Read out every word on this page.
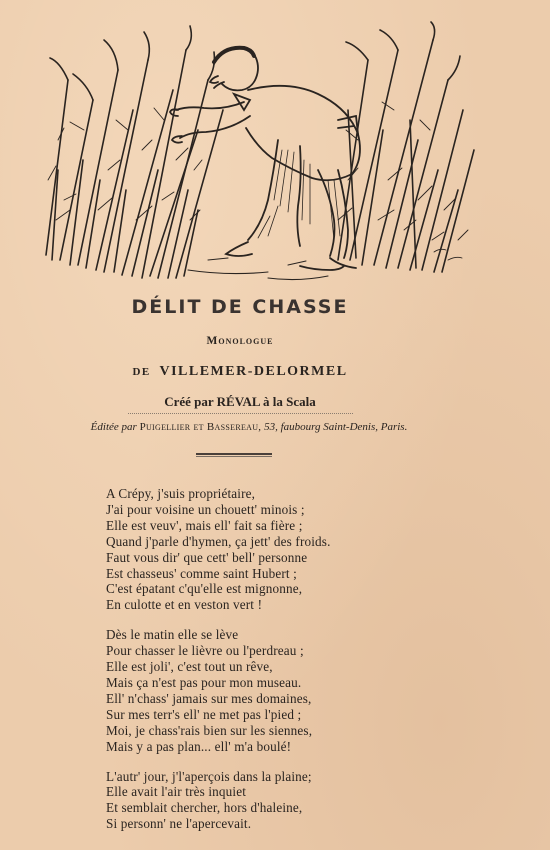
DÉLIT DE CHASSE
Monologue
DE VILLEMER-DELORMEL
Créé par RÉVAL à la Scala
Éditée par Puigellier et Bassereau, 53, faubourg Saint-Denis, Paris.
A Crépy, j'suis propriétaire,
J'ai pour voisine un chouett' minois ;
Elle est veuv', mais ell' fait sa fière ;
Quand j'parle d'hymen, ça jett' des froids.
Faut vous dir' que cett' bell' personne
Est chasseus' comme saint Hubert ;
C'est épatant c'qu'elle est mignonne,
En culotte et en veston vert !
Dès le matin elle se lève
Pour chasser le lièvre ou l'perdreau ;
Elle est joli', c'est tout un rêve,
Mais ça n'est pas pour mon museau.
Ell' n'chass' jamais sur mes domaines,
Sur mes terr's ell' ne met pas l'pied ;
Moi, je chass'rais bien sur les siennes,
Mais y a pas plan... ell' m'a boulé!
L'autr' jour, j'l'aperçois dans la plaine;
Elle avait l'air très inquiet
Et semblait chercher, hors d'haleine,
Si personn' ne l'apercevait.
